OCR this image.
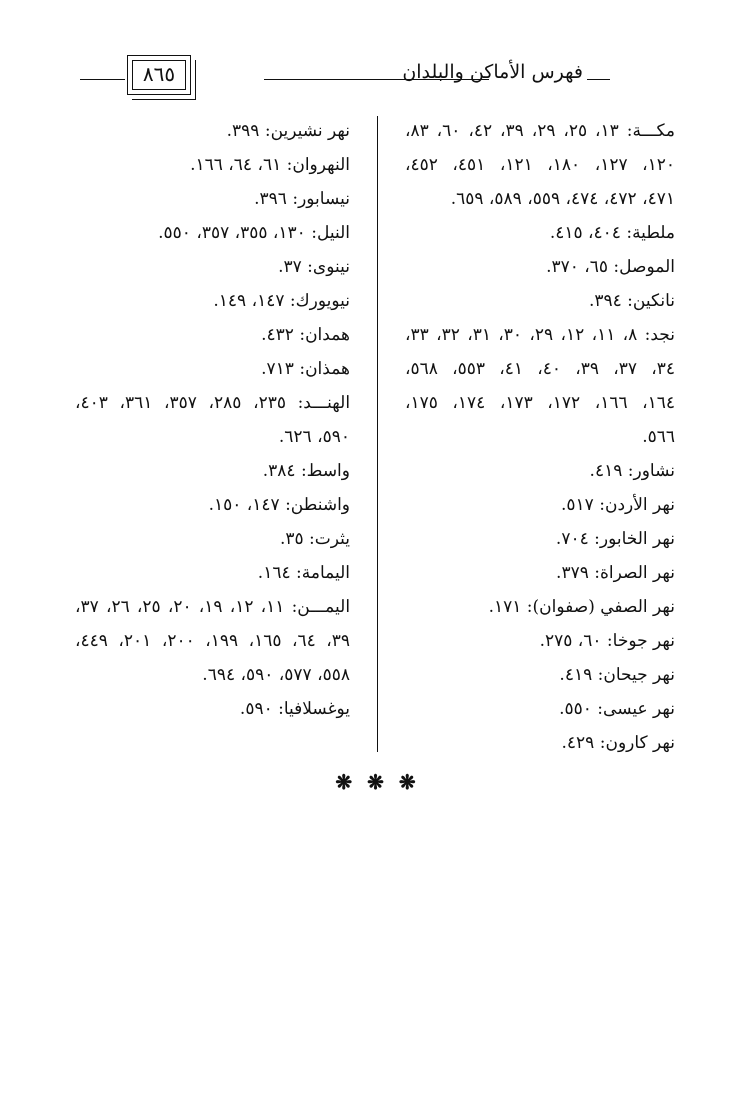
فهرس الأماكن والبلدان
٨٦٥
مكـــة: ١٣، ٢٥، ٢٩، ٣٩، ٤٢، ٦٠، ٨٣،
١٢٠، ١٢٧، ١٨٠، ١٢١، ٤٥١، ٤٥٢،
٤٧١، ٤٧٢، ٤٧٤، ٥٥٩، ٥٨٩، ٦٥٩.
ملطية: ٤٠٤، ٤١٥.
الموصل: ٦٥، ٣٧٠.
نانكين: ٣٩٤.
نجد: ٨، ١١، ١٢، ٢٩، ٣٠، ٣١، ٣٢، ٣٣،
٣٤، ٣٧، ٣٩، ٤٠، ٤١، ٥٥٣، ٥٦٨،
١٦٤، ١٦٦، ١٧٢، ١٧٣، ١٧٤، ١٧٥،
٥٦٦.
نشاور: ٤١٩.
نهر الأردن: ٥١٧.
نهر الخابور: ٧٠٤.
نهر الصراة: ٣٧٩.
نهر الصفي (صفوان): ١٧١.
نهر جوخا: ٦٠، ٢٧٥.
نهر جيحان: ٤١٩.
نهر عيسى: ٥٥٠.
نهر كارون: ٤٢٩.
نهر نشيرين: ٣٩٩.
النهروان: ٦١، ٦٤، ١٦٦.
نيسابور: ٣٩٦.
النيل: ١٣٠، ٣٥٥، ٣٥٧، ٥٥٠.
نينوى: ٣٧.
نيويورك: ١٤٧، ١٤٩.
همدان: ٤٣٢.
همذان: ٧١٣.
الهنـــد: ٢٣٥، ٢٨٥، ٣٥٧، ٣٦١، ٤٠٣،
٥٩٠، ٦٢٦.
واسط: ٣٨٤.
واشنطن: ١٤٧، ١٥٠.
يثرت: ٣٥.
اليمامة: ١٦٤.
اليمـــن: ١١، ١٢، ١٩، ٢٠، ٢٥، ٢٦، ٣٧،
٣٩، ٦٤، ١٦٥، ١٩٩، ٢٠٠، ٢٠١، ٤٤٩،
٥٥٨، ٥٧٧، ٥٩٠، ٦٩٤.
يوغسلافيا: ٥٩٠.
❋ ❋ ❋
